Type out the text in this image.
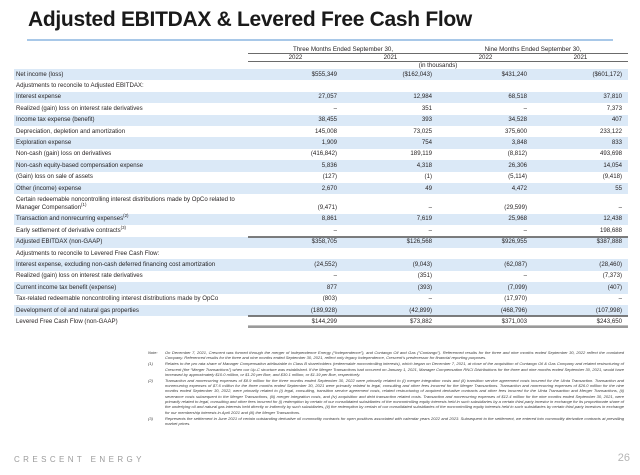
Adjusted EBITDAX & Levered Free Cash Flow
	Three Months Ended September 30,		Nine Months Ended September 30,	
	2022	2021	2022	2021
	(in thousands)			
Net income (loss)	$555,349	($162,043)	$431,240	($601,172)
Adjustments to reconcile to Adjusted EBITDAX:				
Interest expense	27,057	12,984	68,518	37,810
Realized (gain) loss on interest rate derivatives	–	351	–	7,373
Income tax expense (benefit)	38,455	393	34,528	407
Depreciation, depletion and amortization	145,008	73,025	375,600	233,122
Exploration expense	1,909	754	3,848	833
Non-cash (gain) loss on derivatives	(416,842)	189,119	(8,812)	493,698
Non-cash equity-based compensation expense	5,836	4,318	26,306	14,054
(Gain) loss on sale of assets	(127)	(1)	(5,114)	(9,418)
Other (income) expense	2,670	49	4,472	55
Certain redeemable noncontrolling interest distributions made by OpCo related to Manager Compensation$^{(1)}$	(9,471)	–	(29,599)	–
Transaction and nonrecurring expenses$^{(2)}$	8,861	7,619	25,968	12,438
Early settlement of derivative contracts$^{(3)}$	–	–	–	198,688
Adjusted EBITDAX (non-GAAP)	$358,705	$126,568	$926,955	$387,888
Adjustments to reconcile to Levered Free Cash Flow:				
Interest expense, excluding non-cash deferred financing cost amortization	(24,552)	(9,043)	(62,087)	(28,460)
Realized (gain) loss on interest rate derivatives	–	(351)	–	(7,373)
Current income tax benefit (expense)	877	(393)	(7,099)	(407)
Tax-related redeemable noncontrolling interest distributions made by OpCo	(803)	–	(17,970)	–
Development of oil and natural gas properties	(189,928)	(42,899)	(468,796)	(107,998)
Levered Free Cash Flow (non-GAAP)	$144,299	$73,882	$371,003	$243,650
Note:	On December 7, 2021, Crescent was formed through the merger of Independence Energy (“Independence”), and Contango Oil and Gas (“Contango”). Referenced results for the three and nine months ended September 30, 2022 reflect the combined Company. Referenced results for the three and nine months ended September 30, 2021, reflect only legacy Independence, Crescent’s predecessor for financial reporting purposes.
(1)	Relates to the pro rata share of Manager Compensation attributable to Class B shareholders (redeemable noncontrolling interests), which began on December 7, 2021, at close of the acquisition of Contango Oil & Gas Company and related restructuring of Crescent (the “Merger Transactions”) when our Up-C structure was established. If the Merger Transactions had occurred on January 1, 2021, Manager Compensation RNCI Distributions for the three and nine months ended September 30, 2021, would have increased by approximately $10.0 million, or $1.20 per Boe, and $30.1 million, or $1.19 per Boe, respectively.
(2)	Transaction and nonrecurring expenses of $8.9 million for the three months ended September 30, 2022 were primarily related to (i) merger integration costs and (ii) transition service agreement costs incurred for the Uinta Transaction. Transaction and nonrecurring expenses of $7.6 million for the three months ended September 30, 2021 were primarily related to legal, consulting and other fees incurred for the Merger Transactions. Transaction and nonrecurring expenses of $26.0 million for the nine months ended September 30, 2022, were primarily related to (i) legal, consulting, transition service agreement costs, related restructuring of acquired derivative contracts and other fees incurred for the Uinta Transaction and Merger Transactions, (ii) severance costs subsequent to the Merger Transactions, (iii) merger integration costs, and (iv) acquisition and debt transaction related costs. Transaction and nonrecurring expenses of $12.4 million for the nine months ended September 30, 2021, were primarily related to legal, consulting and other fees incurred for (i) redemption by certain of our consolidated subsidiaries of the noncontrolling equity interests held in such subsidiaries by a certain third-party investor in exchange for its proportionate share of the underlying oil and natural gas interests held directly or indirectly by such subsidiaries, (ii) the redemption by certain of our consolidated subsidiaries of the noncontrolling equity interests held in such subsidiaries by certain third-party investors in exchange for our membership interests in April 2021 and (iii) the Merger Transactions.
(3)	Represents the settlement in June 2021 of certain outstanding derivative oil commodity contracts for open positions associated with calendar years 2022 and 2023. Subsequent to the settlement, we entered into commodity derivative contracts at prevailing market prices.
CRESCENT ENERGY	26
